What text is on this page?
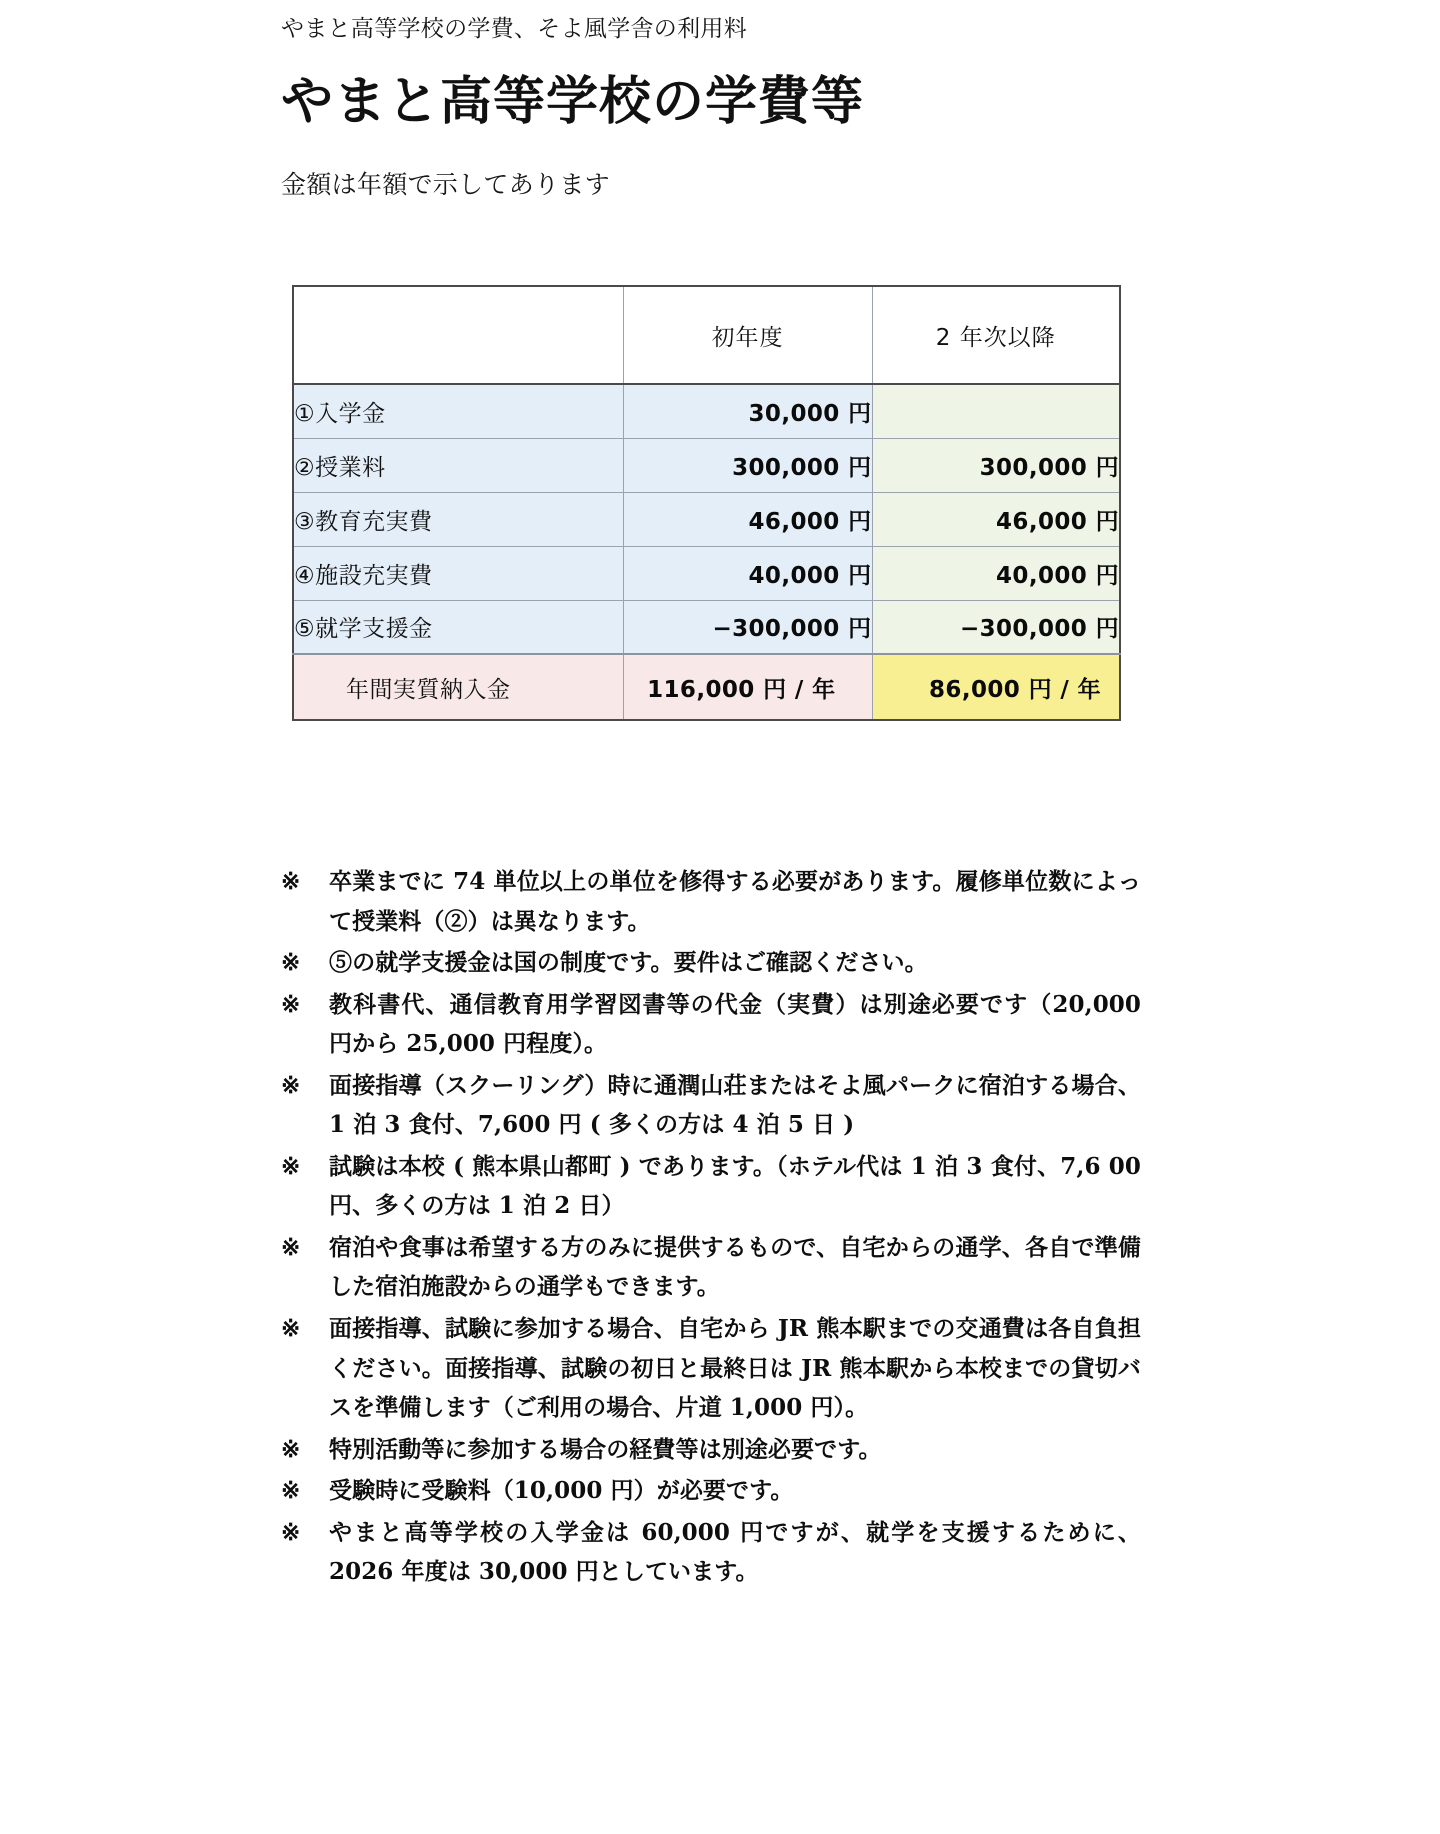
やまと高等学校の学費、そよ風学舎の利用料
やまと高等学校の学費等
金額は年額で示してあります
	初年度	2 年次以降
①入学金	30,000 円	
②授業料	300,000 円	300,000 円
③教育充実費	46,000 円	46,000 円
④施設充実費	40,000 円	40,000 円
⑤就学支援金	−300,000 円	−300,000 円
年間実質納入金	116,000 円 / 年	86,000 円 / 年
※	卒業までに 74 単位以上の単位を修得する必要があります。履修単位数によって授業料（②）は異なります。
※	⑤の就学支援金は国の制度です。要件はご確認ください。
※	教科書代、通信教育用学習図書等の代金（実費）は別途必要です（20,000 円から 25,000 円程度）。
※	面接指導（スクーリング）時に通潤山荘またはそよ風パークに宿泊する場合、1 泊 3 食付、7,600 円 ( 多くの方は 4 泊 5 日 )
※	試験は本校 ( 熊本県山都町 ) であります。（ホテル代は 1 泊 3 食付、7,6 00 円、多くの方は 1 泊 2 日）
※	宿泊や食事は希望する方のみに提供するもので、自宅からの通学、各自で準備した宿泊施設からの通学もできます。
※	面接指導、試験に参加する場合、自宅から JR 熊本駅までの交通費は各自負担ください。面接指導、試験の初日と最終日は JR 熊本駅から本校までの貸切バスを準備します（ご利用の場合、片道 1,000 円）。
※	特別活動等に参加する場合の経費等は別途必要です。
※	受験時に受験料（10,000 円）が必要です。
※	やまと高等学校の入学金は 60,000 円ですが、就学を支援するために、2026 年度は 30,000 円としています。
